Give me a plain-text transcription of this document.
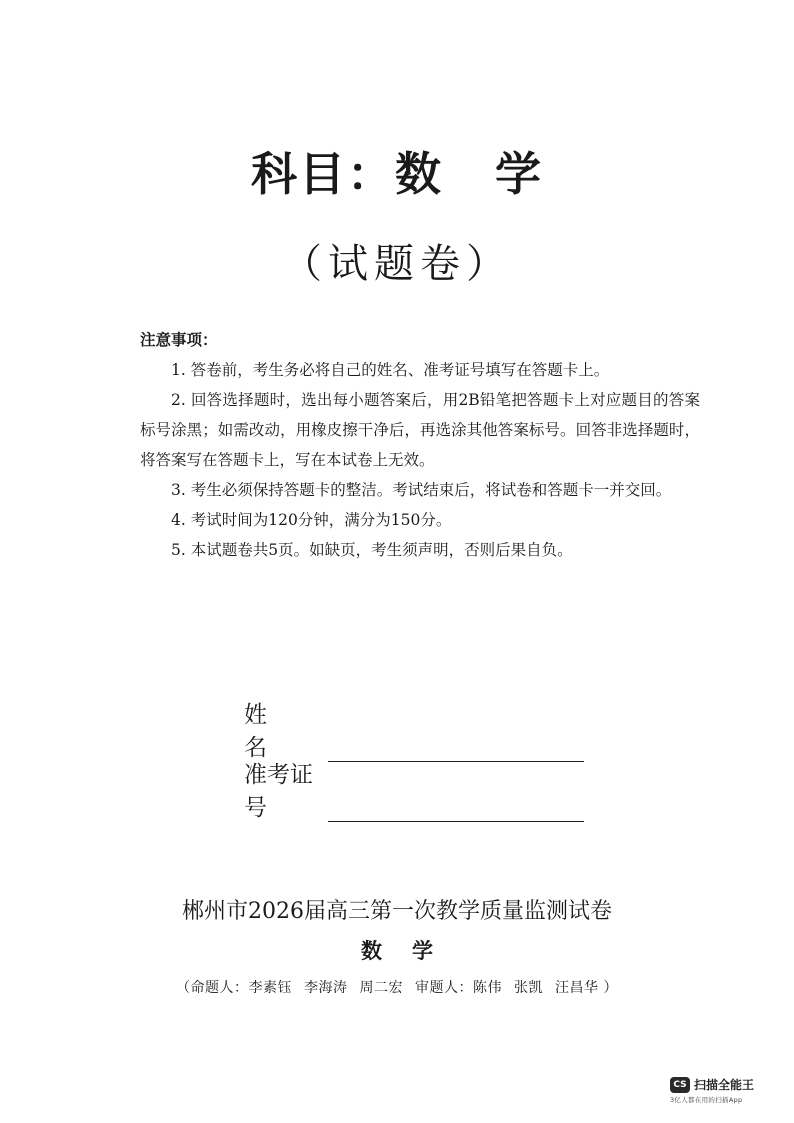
科目：数 学
（试题卷）
注意事项：

1. 答卷前，考生务必将自己的姓名、准考证号填写在答题卡上。

2. 回答选择题时，选出每小题答案后，用2B铅笔把答题卡上对应题目的答案标号涂黑；如需改动，用橡皮擦干净后，再选涂其他答案标号。回答非选择题时，将答案写在答题卡上，写在本试卷上无效。

3. 考生必须保持答题卡的整洁。考试结束后，将试卷和答题卡一并交回。

4. 考试时间为120分钟，满分为150分。

5. 本试题卷共5页。如缺页，考生须声明，否则后果自负。

姓名
准考证号
郴州市2026届高三第一次教学质量监测试卷
数 学
（命题人：李素钰 李海涛 周二宏 审题人：陈伟 张凯 汪昌华 ）
CS 扫描全能王
3亿人都在用的扫描App
